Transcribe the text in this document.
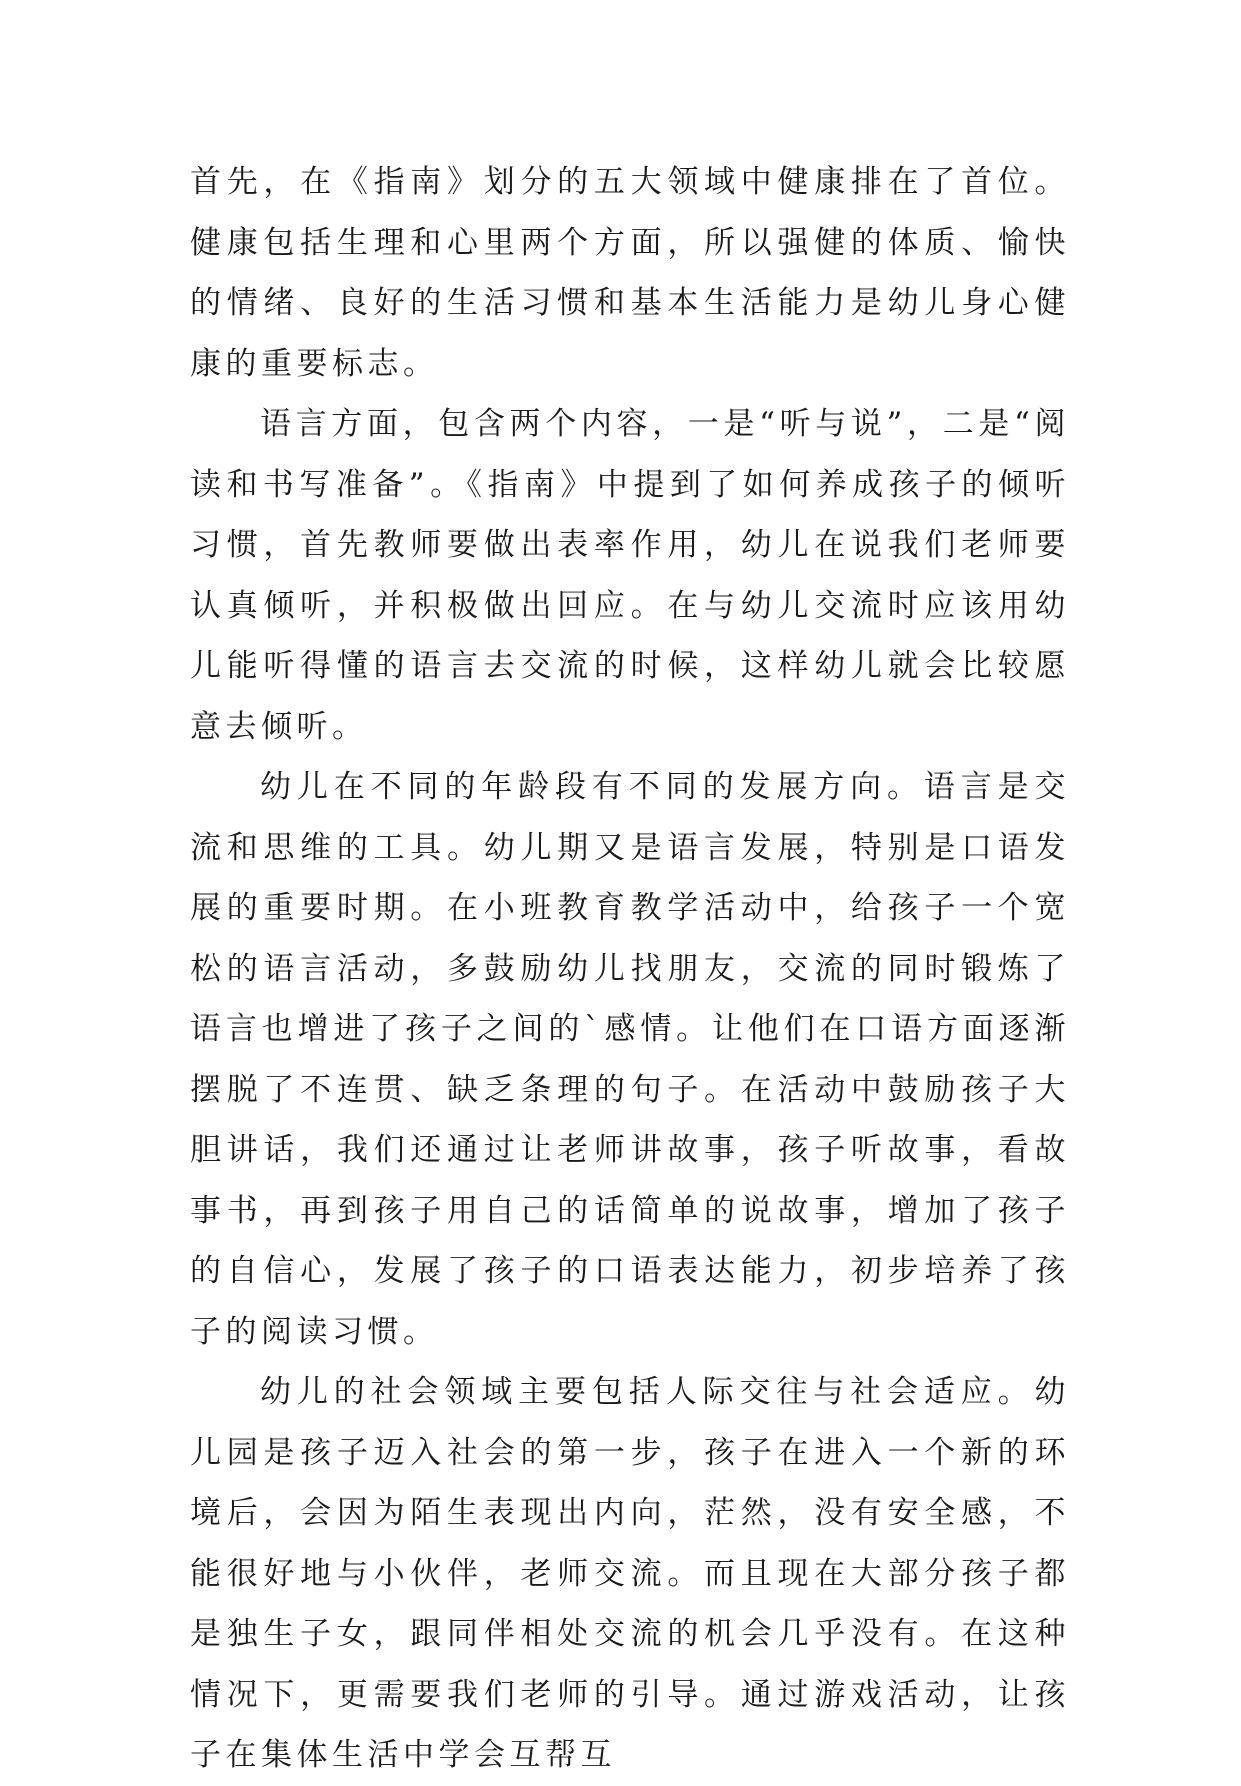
首先，在《指南》划分的五大领域中健康排在了首位。健康包括生理和心里两个方面，所以强健的体质、愉快的情绪、良好的生活习惯和基本生活能力是幼儿身心健康的重要标志。

语言方面，包含两个内容，一是“听与说”，二是“阅读和书写准备”。《指南》中提到了如何养成孩子的倾听习惯，首先教师要做出表率作用，幼儿在说我们老师要认真倾听，并积极做出回应。在与幼儿交流时应该用幼儿能听得懂的语言去交流的时候，这样幼儿就会比较愿意去倾听。

幼儿在不同的年龄段有不同的发展方向。语言是交流和思维的工具。幼儿期又是语言发展，特别是口语发展的重要时期。在小班教育教学活动中，给孩子一个宽松的语言活动，多鼓励幼儿找朋友，交流的同时锻炼了语言也增进了孩子之间的`感情。让他们在口语方面逐渐摆脱了不连贯、缺乏条理的句子。在活动中鼓励孩子大胆讲话，我们还通过让老师讲故事，孩子听故事，看故事书，再到孩子用自己的话简单的说故事，增加了孩子的自信心，发展了孩子的口语表达能力，初步培养了孩子的阅读习惯。

幼儿的社会领域主要包括人际交往与社会适应。幼儿园是孩子迈入社会的第一步，孩子在进入一个新的环境后，会因为陌生表现出内向，茫然，没有安全感，不能很好地与小伙伴，老师交流。而且现在大部分孩子都是独生子女，跟同伴相处交流的机会几乎没有。在这种情况下，更需要我们老师的引导。通过游戏活动，让孩子在集体生活中学会互帮互
